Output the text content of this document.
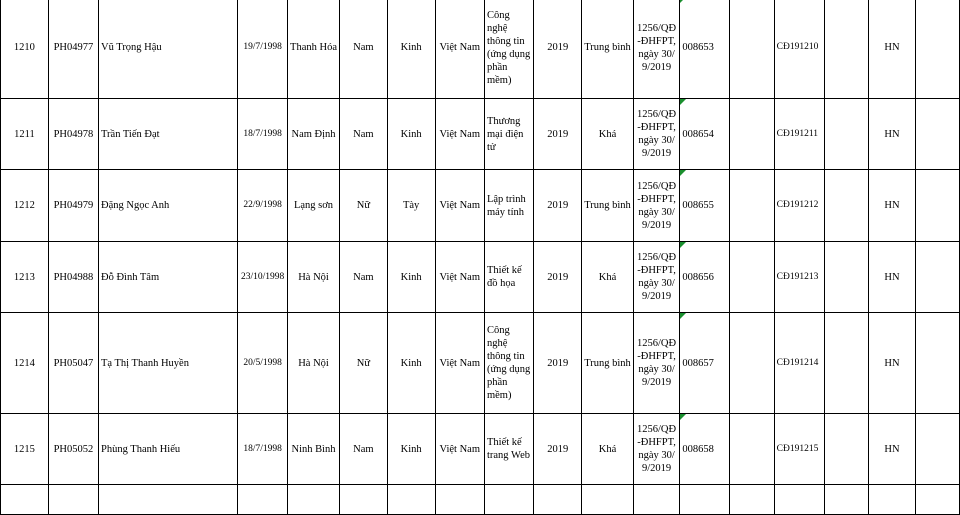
1210	PH04977	Vũ Trọng Hậu	19/7/1998	Thanh Hóa	Nam	Kinh	Việt Nam	Công nghệ thông tin (ứng dụng phần mềm)	2019	Trung bình	1256/QĐ-ĐHFPT, ngày 30/9/2019	008653		CĐ191210		HN	
1211	PH04978	Trần Tiến Đạt	18/7/1998	Nam Định	Nam	Kinh	Việt Nam	Thương mại điện tử	2019	Khá	1256/QĐ-ĐHFPT, ngày 30/9/2019	008654		CĐ191211		HN	
1212	PH04979	Đặng Ngọc Anh	22/9/1998	Lạng sơn	Nữ	Tày	Việt Nam	Lập trình máy tính	2019	Trung bình	1256/QĐ-ĐHFPT, ngày 30/9/2019	008655		CĐ191212		HN	
1213	PH04988	Đỗ Đình Tâm	23/10/1998	Hà Nội	Nam	Kinh	Việt Nam	Thiết kế đồ họa	2019	Khá	1256/QĐ-ĐHFPT, ngày 30/9/2019	008656		CĐ191213		HN	
1214	PH05047	Tạ Thị Thanh Huyền	20/5/1998	Hà Nội	Nữ	Kinh	Việt Nam	Công nghệ thông tin (ứng dụng phần mềm)	2019	Trung bình	1256/QĐ-ĐHFPT, ngày 30/9/2019	008657		CĐ191214		HN	
1215	PH05052	Phùng Thanh Hiếu	18/7/1998	Ninh Bình	Nam	Kinh	Việt Nam	Thiết kế trang Web	2019	Khá	1256/QĐ-ĐHFPT, ngày 30/9/2019	008658		CĐ191215		HN	
